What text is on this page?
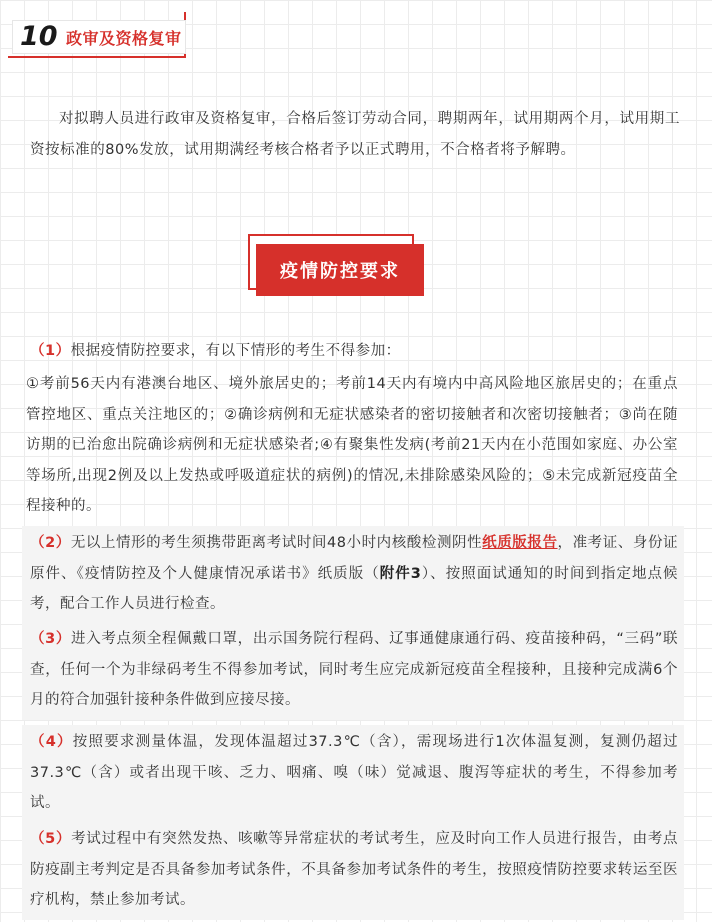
10 政审及资格复审

对拟聘人员进行政审及资格复审，合格后签订劳动合同，聘期两年，试用期两个月，试用期工资按标准的80%发放，试用期满经考核合格者予以正式聘用，不合格者将予解聘。

疫情防控要求

（1）根据疫情防控要求，有以下情形的考生不得参加：

①考前56天内有港澳台地区、境外旅居史的；考前14天内有境内中高风险地区旅居史的；在重点管控地区、重点关注地区的；②确诊病例和无症状感染者的密切接触者和次密切接触者；③尚在随访期的已治愈出院确诊病例和无症状感染者;④有聚集性发病(考前21天内在小范围如家庭、办公室等场所,出现2例及以上发热或呼吸道症状的病例)的情况,未排除感染风险的；⑤未完成新冠疫苗全程接种的。

（2）无以上情形的考生须携带距离考试时间48小时内核酸检测阴性纸质版报告，准考证、身份证原件、《疫情防控及个人健康情况承诺书》纸质版（附件3）、按照面试通知的时间到指定地点候考，配合工作人员进行检查。

（3）进入考点须全程佩戴口罩，出示国务院行程码、辽事通健康通行码、疫苗接种码，“三码”联查，任何一个为非绿码考生不得参加考试，同时考生应完成新冠疫苗全程接种，且接种完成满6个月的符合加强针接种条件做到应接尽接。

（4）按照要求测量体温，发现体温超过37.3℃（含），需现场进行1次体温复测，复测仍超过37.3℃（含）或者出现干咳、乏力、咽痛、嗅（味）觉减退、腹泻等症状的考生，不得参加考试。

（5）考试过程中有突然发热、咳嗽等异常症状的考试考生，应及时向工作人员进行报告，由考点防疫副主考判定是否具备参加考试条件，不具备参加考试条件的考生，按照疫情防控要求转运至医疗机构，禁止参加考试。
